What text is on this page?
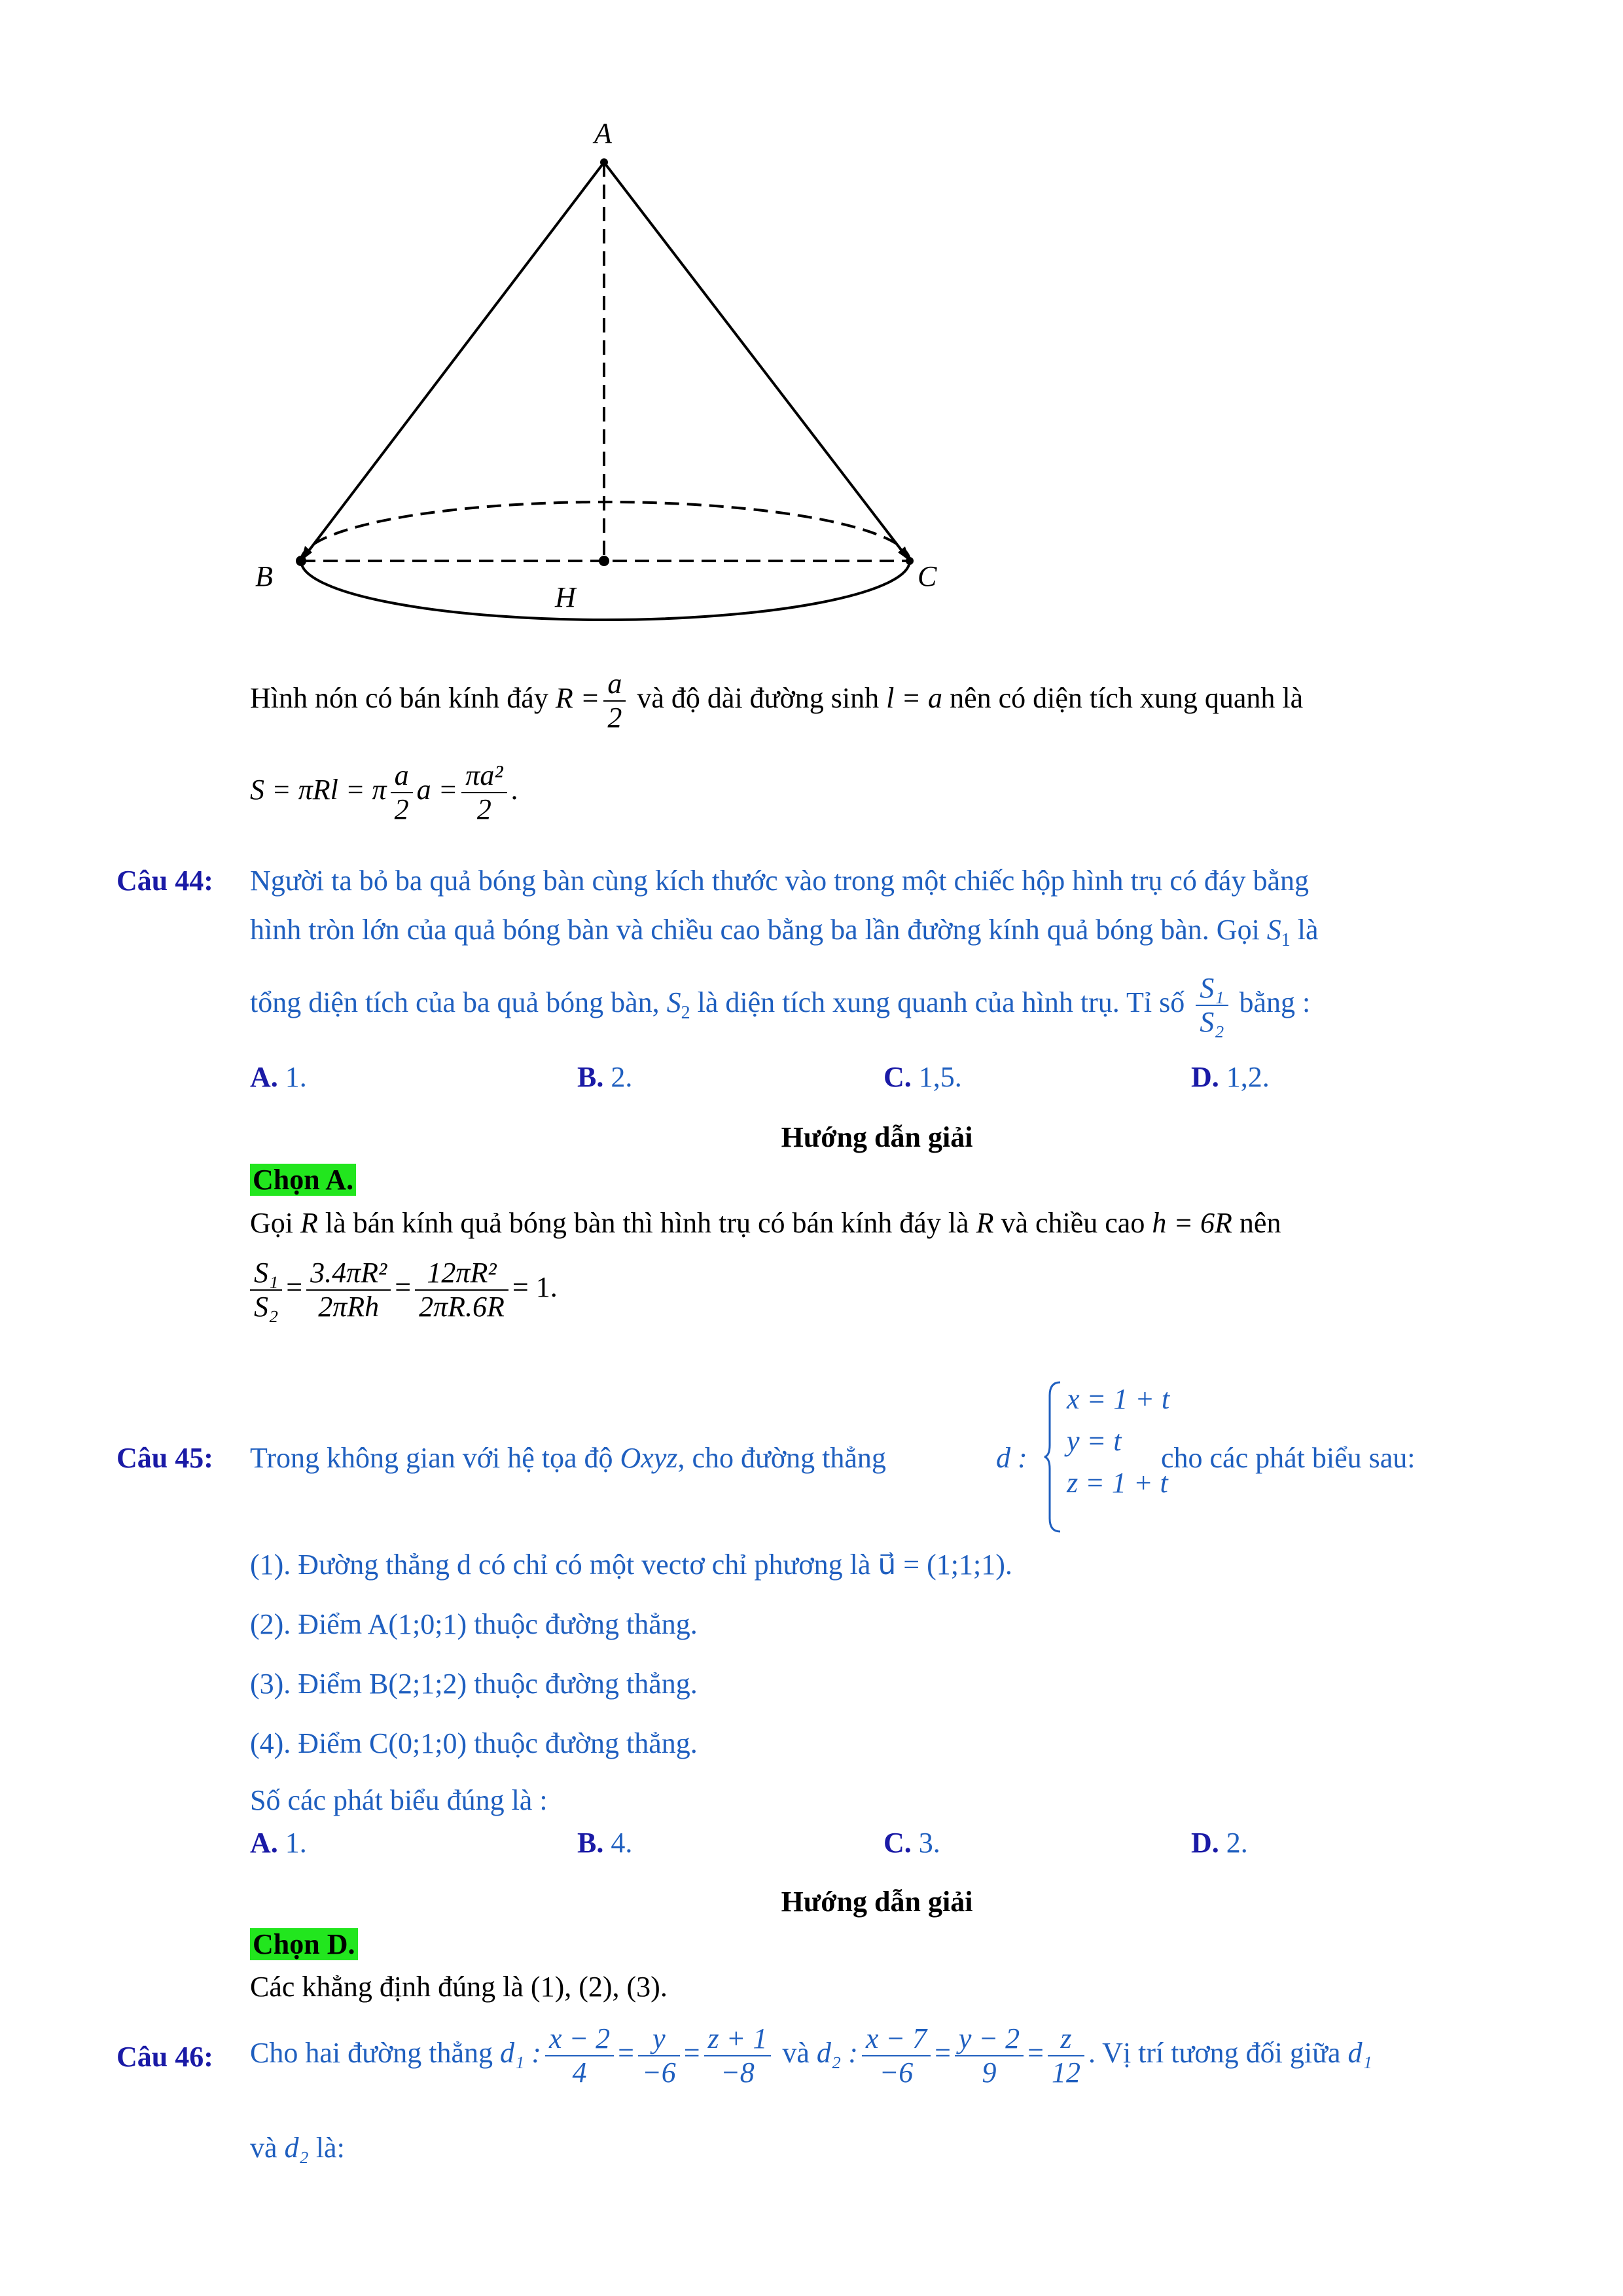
A
B	C
H
Hình nón có bán kính đáy $R = \frac{a}{2}$ và độ dài đường sinh l = a nên có diện tích xung quanh là
S = πRl = π $\frac{a}{2}$ $a = \frac{\text{πa²}}{2}$ .
Câu 44: Người ta bỏ ba quả bóng bàn cùng kích thước vào trong một chiếc hộp hình trụ có đáy bằng
hình tròn lớn của quả bóng bàn và chiều cao bằng ba lần đường kính quả bóng bàn. Gọi $S_1$ là
tổng diện tích của ba quả bóng bàn, $S_2$ là diện tích xung quanh của hình trụ. Tỉ số $\frac{\text{S₁}}{\text{S₂}}$ bằng :
A. 1.	B. 2.	C. 1,5.	D. 1,2.
Hướng dẫn giải
Chọn A.
Gọi R là bán kính quả bóng bàn thì hình trụ có bán kính đáy là R và chiều cao h = 6R nên
$\frac{\text{S₁}}{\text{S₂}} = \frac{\text{3.4πR²}}{\text{2πRh}} = \frac{\text{12πR²}}{2\pi R.6R} = 1$.
Câu 45: Trong không gian với hệ tọa độ Oxyz, cho đường thẳng	d :
x = 1 + t
y = t
z = 1 + t
cho các phát biểu sau:
(1). Đường thẳng d có chỉ có một vectơ chỉ phương là u⃗ = (1;1;1).
(2). Điểm A(1;0;1) thuộc đường thẳng.
(3). Điểm B(2;1;2) thuộc đường thẳng.
(4). Điểm C(0;1;0) thuộc đường thẳng.
Số các phát biểu đúng là :
A. 1.	B. 4.	C. 3.	D. 2.
Hướng dẫn giải
Chọn D.
Các khẳng định đúng là (1), (2), (3).
Câu 46: Cho hai đường thẳng d₁ : $\frac{x - 2}{4} = \frac{y}{-6} = \frac{z + 1}{-8}$ và d₂ : $\frac{x - 7}{-6} = \frac{y - 2}{9} = \frac{z}{12}$ . Vị trí tương đối giữa d₁
và d₂ là:
